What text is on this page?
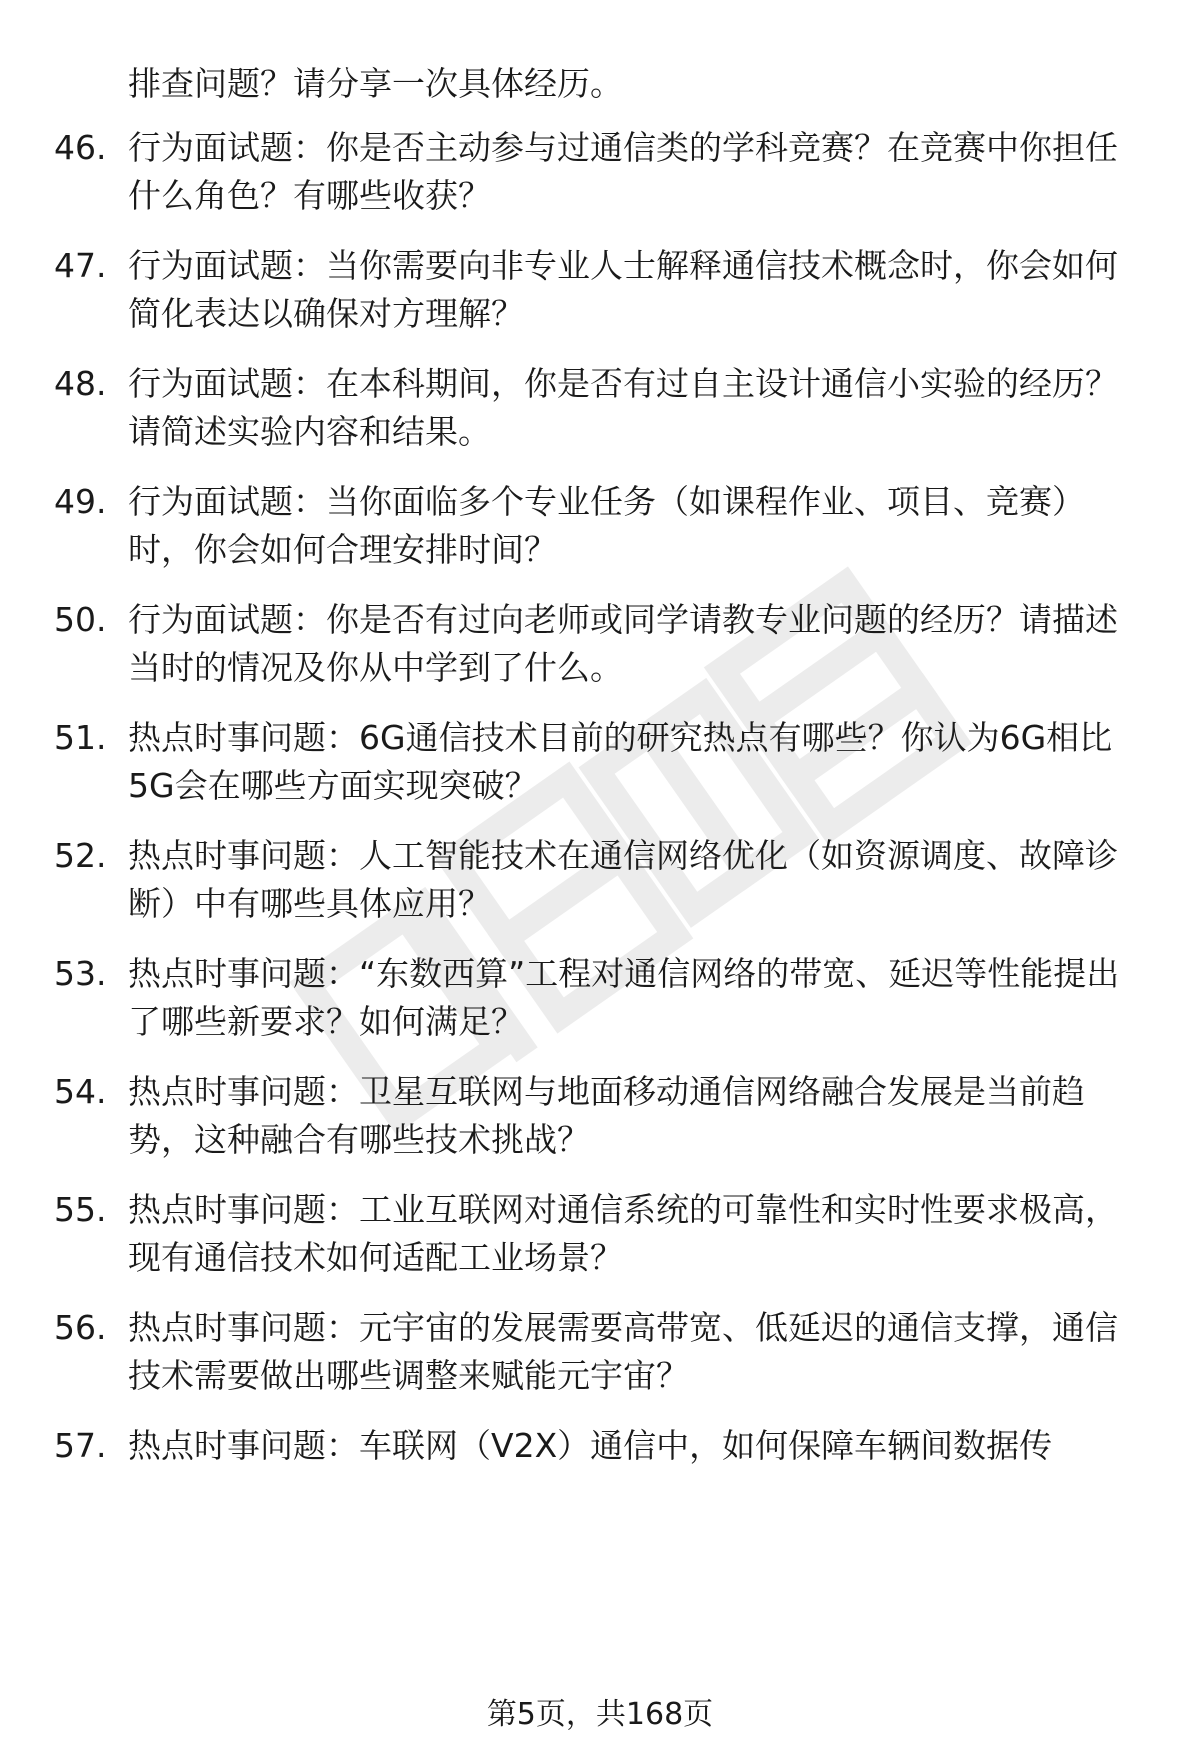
排查问题？请分享一次具体经历。
46. 行为面试题：你是否主动参与过通信类的学科竞赛？在竞赛中你担任什么角色？有哪些收获？
47. 行为面试题：当你需要向非专业人士解释通信技术概念时，你会如何简化表达以确保对方理解？
48. 行为面试题：在本科期间，你是否有过自主设计通信小实验的经历？请简述实验内容和结果。
49. 行为面试题：当你面临多个专业任务（如课程作业、项目、竞赛）时，你会如何合理安排时间？
50. 行为面试题：你是否有过向老师或同学请教专业问题的经历？请描述当时的情况及你从中学到了什么。
51. 热点时事问题：6G通信技术目前的研究热点有哪些？你认为6G相比5G会在哪些方面实现突破？
52. 热点时事问题：人工智能技术在通信网络优化（如资源调度、故障诊断）中有哪些具体应用？
53. 热点时事问题：“东数西算”工程对通信网络的带宽、延迟等性能提出了哪些新要求？如何满足？
54. 热点时事问题：卫星互联网与地面移动通信网络融合发展是当前趋势，这种融合有哪些技术挑战？
55. 热点时事问题：工业互联网对通信系统的可靠性和实时性要求极高，现有通信技术如何适配工业场景？
56. 热点时事问题：元宇宙的发展需要高带宽、低延迟的通信支撑，通信技术需要做出哪些调整来赋能元宇宙？
57. 热点时事问题：车联网（V2X）通信中，如何保障车辆间数据传
第5页，共168页
